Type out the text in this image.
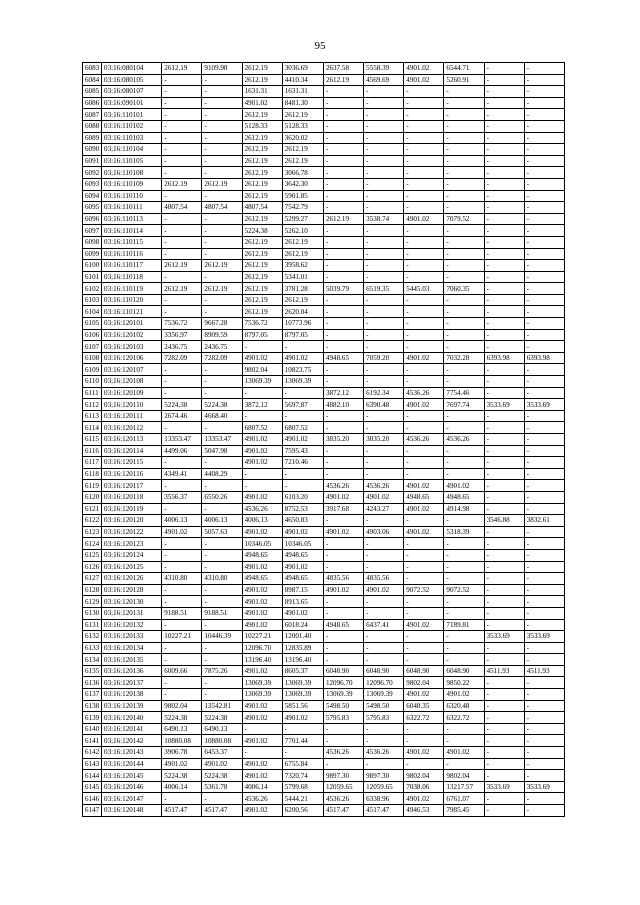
95
6083	03:16:080104	2612.19	9109.98	2612.19	3036.69	2637.58	5558.39	4901.02	6544.71	-	-
6084	03:16:080105	-	-	2612.19	4410.34	2612.19	4569.69	4901.02	5260.91	-	-
6085	03:16:080107	-	-	1631.31	1631.31	-	-	-	-	-	-
6086	03:16:090101	-	-	4901.02	8481.30	-	-	-	-	-	-
6087	03:16:110101	-	-	2612.19	2612.19	-	-	-	-	-	-
6088	03:16:110102	-	-	5128.33	5128.33	-	-	-	-	-	-
6089	03:16:110103	-	-	2612.19	3620.02	-	-	-	-	-	-
6090	03:16:110104	-	-	2612.19	2612.19	-	-	-	-	-	-
6091	03:16:110105	-	-	2612.19	2612.19	-	-	-	-	-	-
6092	03:16:110108	-	-	2612.19	3066.78	-	-	-	-	-	-
6093	03:16:110109	2612.19	2612.19	2612.19	3642.30	-	-	-	-	-	-
6094	03:16:110110	-	-	2612.19	5901.85	-	-	-	-	-	-
6095	03:16:110111	4807.54	4807.54	4807.54	7542.79	-	-	-	-	-	-
6096	03:16:110113	-	-	2612.19	5299.27	2612.19	3538.74	4901.02	7079.52	-	-
6097	03:16:110114	-	-	5224.38	5262.10	-	-	-	-	-	-
6098	03:16:110115	-	-	2612.19	2612.19	-	-	-	-	-	-
6099	03:16:110116	-	-	2612.19	2612.19	-	-	-	-	-	-
6100	03:16:110117	2612.19	2612.19	2612.19	3958.62	-	-	-	-	-	-
6101	03:16:110118	-	-	2612.19	5341.01	-	-	-	-	-	-
6102	03:16:110119	2612.19	2612.19	2612.19	3781.28	5039.79	6519.35	5445.03	7060.35	-	-
6103	03:16:110120	-	-	2612.19	2612.19	-	-	-	-	-	-
6104	03:16:110121	-	-	2612.19	2620.04	-	-	-	-	-	-
6105	03:16:120101	7536.72	9667.28	7536.72	10773.96	-	-	-	-	-	-
6106	03:16:120102	3356.97	8909.59	8797.05	8797.05	-	-	-	-	-	-
6107	03:16:120103	2436.75	2436.75	-	-	-	-	-	-	-	-
6108	03:16:120106	7282.09	7282.09	4901.02	4901.02	4948.65	7059.20	4901.02	7032.28	6393.98	6393.98
6109	03:16:120107	-	-	9802.04	10823.75	-	-	-	-	-	-
6110	03:16:120108	-	-	13069.39	13069.39	-	-	-	-	-	-
6111	03:16:120109	-	-	-	-	3872.12	6192.34	4536.26	7754.46	-	-
6112	03:16:120110	5224.38	5224.38	3872.12	5697.87	4882.10	6390.48	4901.02	7697.74	3533.69	3533.69
6113	03:16:120111	2674.46	4668.40	-	-	-	-	-	-	-	-
6114	03:16:120112	-	-	6807.52	6807.52	-	-	-	-	-	-
6115	03:16:120113	13353.47	13353.47	4901.02	4901.02	3835.20	3835.20	4536.26	4536.26	-	-
6116	03:16:120114	4499.06	5047.98	4901.02	7595.43	-	-	-	-	-	-
6117	03:16:120115	-	-	4901.02	7210.46	-	-	-	-	-	-
6118	03:16:120116	4349.41	4408.29	-	-	-	-	-	-	-	-
6119	03:16:120117	-	-	-	-	4536.26	4536.26	4901.02	4901.02	-	-
6120	03:16:120118	3556.37	6550.26	4901.02	6103.20	4901.02	4901.02	4948.65	4948.65	-	-
6121	03:16:120119	-	-	4536.26	8752.53	3917.68	4243.27	4901.02	4914.98	-	-
6122	03:16:120120	4006.13	4006.13	4006.13	4650.83	-	-	-	-	3546.88	3832.61
6123	03:16:120122	4901.02	5057.63	4901.02	4901.02	4901.02	4903.06	4901.02	5318.39	-	-
6124	03:16:120123	-	-	10346.05	10346.05	-	-	-	-	-	-
6125	03:16:120124	-	-	4948.65	4948.65	-	-	-	-	-	-
6126	03:16:120125	-	-	4901.02	4901.02	-	-	-	-	-	-
6127	03:16:120126	4310.80	4310.80	4948.65	4948.65	4835.56	4835.56	-	-	-	-
6128	03:16:120128	-	-	4901.02	8987.15	4901.02	4901.02	9072.52	9072.52	-	-
6129	03:16:120130	-	-	4901.02	8913.65	-	-	-	-	-	-
6130	03:16:120131	9188.51	9188.51	4901.02	4901.02	-	-	-	-	-	-
6131	03:16:120132	-	-	4901.02	6018.24	4948.65	6437.41	4901.02	7189.81	-	-
6132	03:16:120133	10227.21	10446.39	10227.21	12001.40	-	-	-	-	3533.69	3533.69
6133	03:16:120134	-	-	12096.70	12835.89	-	-	-	-	-	-
6134	03:16:120135	-	-	13196.40	13196.40	-	-	-	-	-	-
6135	03:16:120136	6009.66	7875.26	4901.02	8605.37	6048.90	6048.90	6048.90	6048.90	4511.93	4511.93
6136	03:16:120137	-	-	13069.39	13069.39	12096.70	12096.70	9802.04	9850.22	-	-
6137	03:16:120138	-	-	13069.39	13069.39	13069.39	13069.39	4901.02	4901.02	-	-
6138	03:16:120139	9802.04	13542.81	4901.02	5851.56	5498.50	5498.50	6048.35	6320.48	-	-
6139	03:16:120140	5224.38	5224.38	4901.02	4901.02	5795.83	5795.83	6322.72	6322.72	-	-
6140	03:16:120141	6490.13	6490.13	-	-	-	-	-	-	-	-
6141	03:16:120142	10880.08	10880.08	4901.02	7701.44	-	-	-	-	-	-
6142	03:16:120143	3906.78	6453.37	-	-	4536.26	4536.26	4901.02	4901.02	-	-
6143	03:16:120144	4901.02	4901.02	4901.02	6755.84	-	-	-	-	-	-
6144	03:16:120145	5224.38	5224.38	4901.02	7320.74	9897.30	9897.30	9802.04	9802.04	-	-
6145	03:16:120146	4006.14	5361.78	4006.14	5799.68	12059.65	12059.65	7038.06	13217.57	3533.69	3533.69
6146	03:16:120147	-	-	4536.26	5444.21	4536.26	6338.96	4901.02	6761.07	-	-
6147	03:16:120148	4517.47	4517.47	4901.02	6200.56	4517.47	4517.47	4946.53	7985.45	-	-
